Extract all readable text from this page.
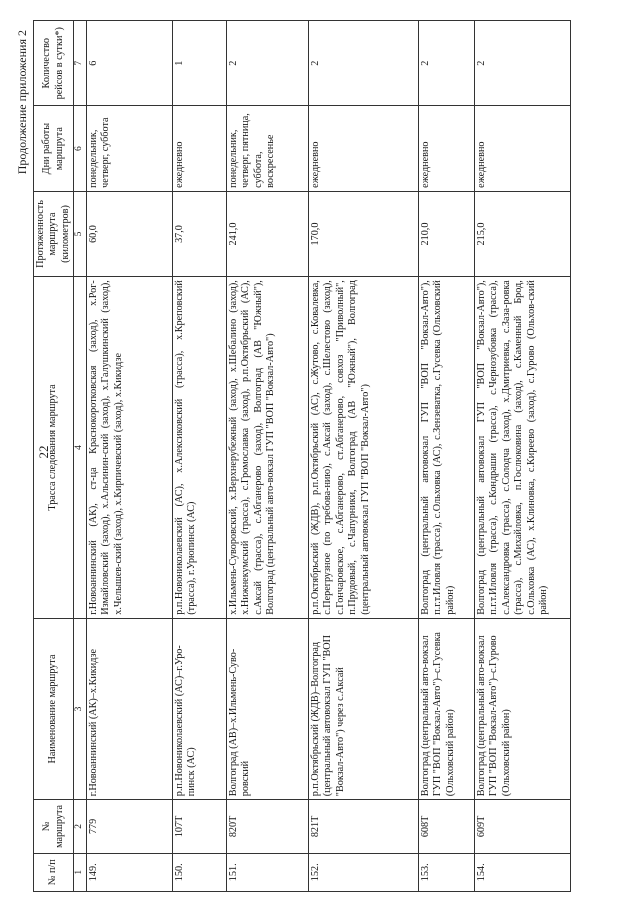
22
Продолжение приложения 2
№ п/п	№ маршрута	Наименование маршрута	Трасса следования маршрута	Протяженность маршрута (километров)	Дни работы маршрута	Количество рейсов в сутки*)
1	2	3	4	5	6	7
149.	779	г.Новоаннинский (АК)–х.Кикидзе	г.Новоаннинский (АК), ст-ца Краснокоротковская (заход), х.Рог-Измайловский (заход), х.Альсинин-ский (заход), х.Галушкинский (заход), х.Челышев-ский (заход), х.Кирпичевский (заход), х.Кикидзе	60,0	понедельник, четверг, суббота	6
150.	107Т	р.п.Новониколаевский (АС)–г.Уро-пинск (АС)	р.п.Новониколаевский (АС), х.Алексиковский (трасса), х.Креповский (трасса), г.Урюпинск (АС)	37,0	ежедневно	1
151.	820Т	Волгоград (АВ)–х.Ильмень-Суво-ровский	х.Ильмень-Суворовский, х.Верхнерубежный (заход), х.Шебалино (заход), х.Нижнекумский (трасса), с.Громославка (заход), р.п.Октябрьский (АС), с.Аксай (трасса), с.Абганерово (заход), Волгоград (АВ "Южный"), Волгоград (центральный авто-вокзал ГУП "ВОП "Вокзал-Авто")	241,0	понедельник, четверг, пятница, суббота, воскресенье	2
152.	821Т	р.п.Октябрьский (ЖДВ)–Волгоград (центральный автовокзал ГУП "ВОП "Вокзал-Авто") через с.Аксай	р.п.Октябрьский (ЖДВ), р.п.Октябрьский (АС), с.Жутово, с.Ковалевка, с.Перегрузное (по требова-нию), с.Аксай (заход), с.Шелестово (заход), с.Гончаровское, с.Абганерово, ст.Абганерово, совхоз "Приволный", п.Прудовый, с.Чапурники, Волгоград (АВ "Южный"), Волгоград (центральный автовокзал ГУП "ВОП "Вокзал-Авто")	170,0	ежедневно	2
153.	608Т	Волгоград (центральный авто-вокзал ГУП "ВОП "Вокзал-Авто")–с.Гусевка (Ольховский район)	Волгоград (центральный автовокзал ГУП "ВОП "Вокзал-Авто"), п.г.т.Иловля (трасса), с.Ольховка (АС), с.Зензеватка, с.Гусевка (Ольховский район)	210,0	ежедневно	2
154.	609Т	Волгоград (центральный авто-вокзал ГУП "ВОП "Вокзал-Авто")–с.Гурово (Ольховский район)	Волгоград (центральный автовокзал ГУП "ВОП "Вокзал-Авто"), п.г.т.Иловля (трасса), с.Кондраши (трасса), с.Чернозубовка (трасса), с.Александровка (трасса), с.Солодча (заход), х.Дмитриевка, с.Заза-ровка (трасса), с.Михайловка, п.Гослюковина (заход), с.Каменный Брод, с.Ольховка (АС), х.Клиновка, с.Киреево (заход), с.Гурово (Ольхов-ский район)	215,0	ежедневно	2
